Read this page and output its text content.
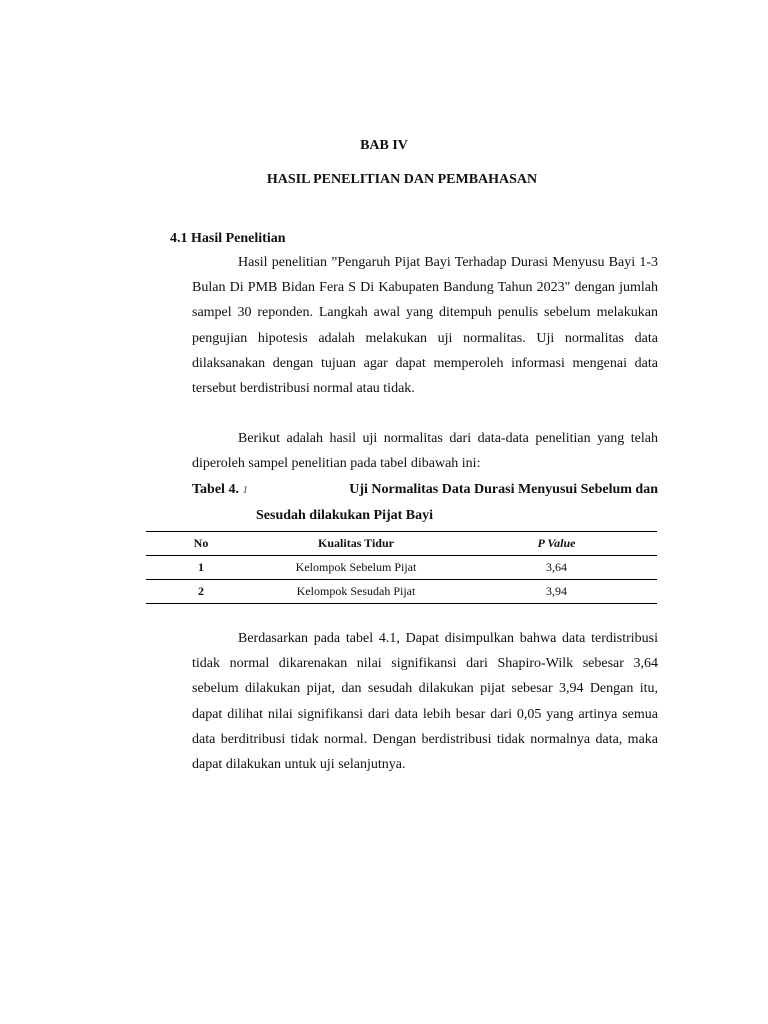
BAB IV
HASIL PENELITIAN DAN PEMBAHASAN
4.1 Hasil Penelitian

Hasil penelitian ”Pengaruh Pijat Bayi Terhadap Durasi Menyusu Bayi 1-3 Bulan Di PMB Bidan Fera S Di Kabupaten Bandung Tahun 2023" dengan jumlah sampel 30 reponden. Langkah awal yang ditempuh penulis sebelum melakukan pengujian hipotesis adalah melakukan uji normalitas. Uji normalitas data dilaksanakan dengan tujuan agar dapat memperoleh informasi mengenai data tersebut berdistribusi normal atau tidak.

Berikut adalah hasil uji normalitas dari data-data penelitian yang telah diperoleh sampel penelitian pada tabel dibawah ini:

Tabel 4. 1	Uji Normalitas Data Durasi Menyusui Sebelum dan
Sesudah dilakukan Pijat Bayi
No	Kualitas Tidur	P Value
1	Kelompok Sebelum Pijat	3,64
2	Kelompok Sesudah Pijat	3,94

Berdasarkan pada tabel 4.1, Dapat disimpulkan bahwa data terdistribusi tidak normal dikarenakan nilai signifikansi dari Shapiro-Wilk sebesar 3,64 sebelum dilakukan pijat, dan sesudah dilakukan pijat sebesar 3,94 Dengan itu, dapat dilihat nilai signifikansi dari data lebih besar dari 0,05 yang artinya semua data berditribusi tidak normal. Dengan berdistribusi tidak normalnya data, maka dapat dilakukan untuk uji selanjutnya.
